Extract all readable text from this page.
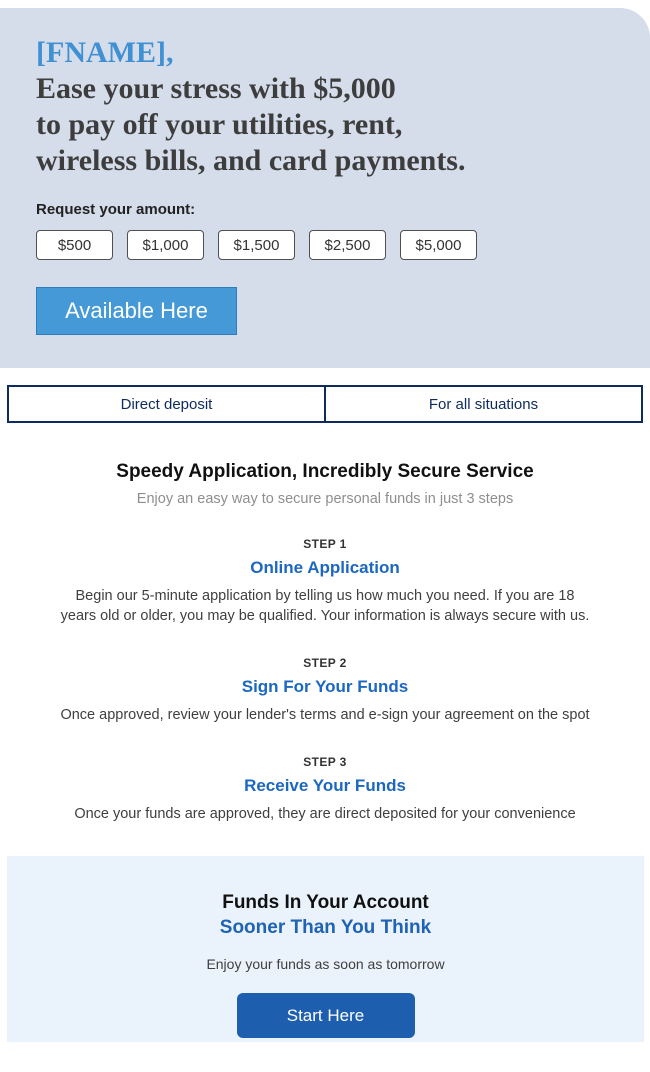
[FNAME],
Ease your stress with $5,000
to pay off your utilities, rent,
wireless bills, and card payments.
Request your amount:
$500	$1,000	$1,500	$2,500	$5,000
Available Here
Direct deposit	For all situations
Speedy Application, Incredibly Secure Service
Enjoy an easy way to secure personal funds in just 3 steps
STEP 1
Online Application
Begin our 5-minute application by telling us how much you need. If you are 18 years old or older, you may be qualified. Your information is always secure with us.
STEP 2
Sign For Your Funds
Once approved, review your lender's terms and e-sign your agreement on the spot
STEP 3
Receive Your Funds
Once your funds are approved, they are direct deposited for your convenience
Funds In Your Account
Sooner Than You Think
Enjoy your funds as soon as tomorrow
Start Here
